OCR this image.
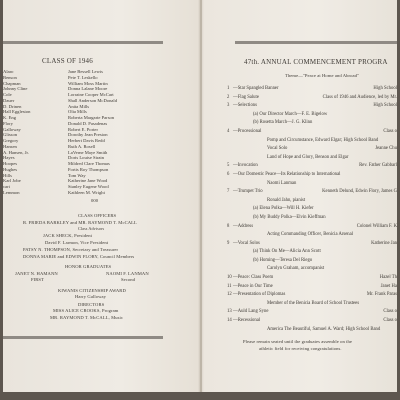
CLASS OF 1946
Alaro
Benson
Chapman
Johnny Cline
Cole
Dauer
D. Drinen
Hall Eggleston
K. Eng
Flory
Galloway
Glisson
Gregory
Hansen
A. Hansen, Jr.
Hayes
Hoopes
Hughes
Hills
Karl Jobe
cart
Lemmon
Jane Bessell Lewis
Pete T. Leskello
William Moss Martin
Donna Lalane Moore
Lorraine Cooper McCart
Shall Anderson McDonald
Anita Mills
Olia Mills
Roberta Margarie Parson
Donald D. Pasadenas
Robert E. Porter
Dorothy Jean Preston
Herbert Davis Redd
Ruth A. Rosell
LaVerne Maye Smith
Doris Louise Strain
Mildred Clare Thomas
Fortis Roy Thompson
Tom Way
Katherine Jane Wood
Stanley Eugene Wood
Kathleen M. Wright
000
CLASS OFFICERS
R. FRIEDA BARKLEY and MR. RAYMOND T. McCALL
Class Advisors
JACK SHECK, President
David F. Larmon, Vice President
PATSY N. THOMPSON, Secretary and Treasurer
DONNA MARIE and EDWIN FLORY, Council Members
HONOR GRADUATES
JANET N. HAMANN
FIRST
NAOMI F. LANMAN
Second
KIWANIS CITIZENSHIP AWARD
Harry Galloway
DIRECTORS
MISS ALICE CROOKS, Program
MR. RAYMOND T. McCALL, Music
47th. ANNUAL COMMENCEMENT PROGRA
Theme—"Peace at Home and Abroad"
1 —Star Spangled Banner	High School
2 —Flag Salute	Class of 1946 and Audience, led by Mr.
3 —Selections	High School
(a) Our Director March—F. E. Bigelow
(b) Rosetta March—J. G. Klinn
4 —Processional	Class o
Pomp and Circumstance, Edward Elgar; High School Band
Vocal Solo	Jeanne Chu
Land of Hope and Glory, Benson and Elgar
5 —Invocation	Rev. Father Gabbarl
6 —Our Domestic Peace—Its Relationship to International
Naomi Lanman
7 —Trumpet Trio	Kenneth Delund, Edwin Flory, James G
Ronald Jahn, pianist
(a) Elena Polka—Will H. Kiefer
(b) My Buddy Polka—Elvin Kieffman
8 —Address	Colonel William F. K
Acting Commanding Officer, Benicia Arsenal
9 —Vocal Solos	Katherine Jan
(a) Think On Me—Alicia Ann Scott
(b) Homing—Teresa Del Riego
Carolyn Graham, accompanist
10 —Peace: Class Poem	Hazel Th
11 —Peace in Our Time	Janet Ha
12 —Presentation of Diplomas	Mr. Frank Paras
Member of the Benicia Board of School Trustees
13 —Auld Lang Syne	Class o
14 —Recessional	Class o
America The Beautiful, Samuel A. Ward; High School Band
Please remain seated until the graduates assemble on the
athletic field for receiving congratulations.
